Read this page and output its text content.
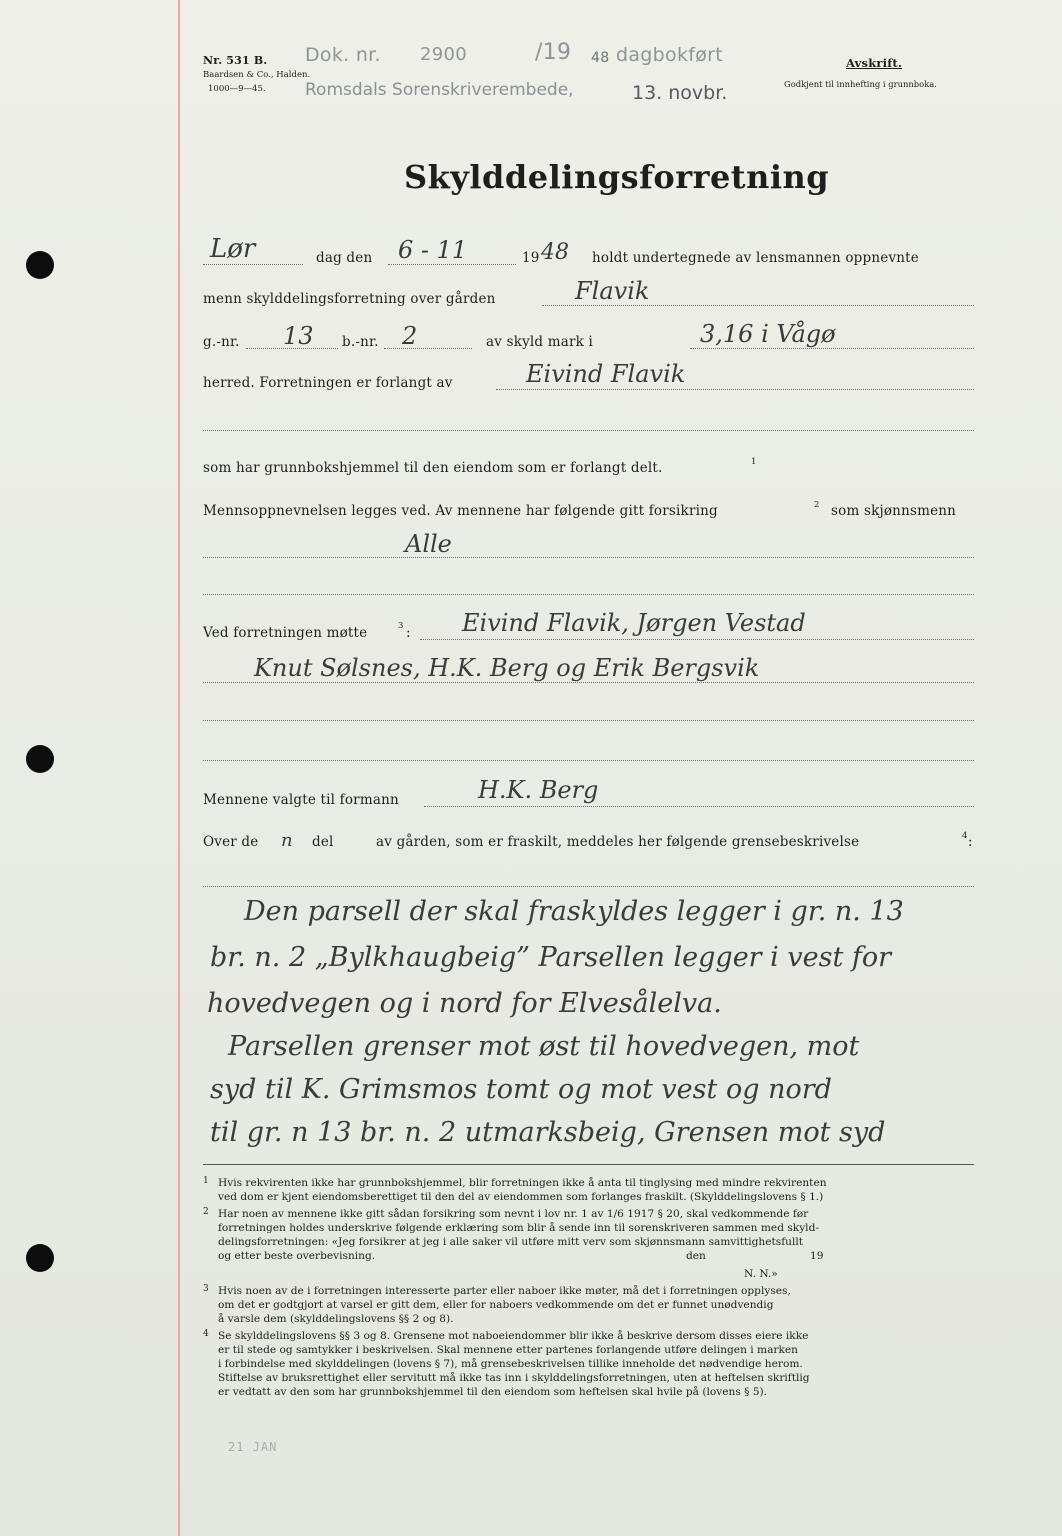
Nr. 531 B.
Baardsen & Co., Halden.
1000—9—45.
Dok. nr. 2900	/19 48 dagbokført
Romsdals Sorenskriverembede,	13. novbr.
Avskrift.
Godkjent til innhefting i grunnboka.
Skylddelingsforretning
Lør	dag den 6 - 11	19 48 holdt undertegnede av lensmannen oppnevnte
menn skylddelingsforretning over gården	Flavik
g.-nr. 13 b.-nr. 2	av skyld mark i	3,16 i Vågø
herred. Forretningen er forlangt av	Eivind Flavik
som har grunnbokshjemmel til den eiendom som er forlangt delt.	1
Mennsoppnevnelsen legges ved. Av mennene har følgende gitt forsikring	2 som skjønnsmenn
Alle
Ved forretningen møtte	3 : Eivind Flavik, Jørgen Vestad
Knut Sølsnes, H.K. Berg og Erik Bergsvik
Mennene valgte til formann	H.K. Berg
Over de n del	av gården, som er fraskilt, meddeles her følgende grensebeskrivelse	4 :
Den parsell der skal fraskyldes legger i gr. n. 13
br. n. 2 „Bylkhaugbeig” Parsellen legger i vest for
hovedvegen og i nord for Elvesålelva.
Parsellen grenser mot øst til hovedvegen, mot
syd til K. Grimsmos tomt og mot vest og nord
til gr. n 13 br. n. 2 utmarksbeig, Grensen mot syd
1 Hvis rekvirenten ikke har grunnbokshjemmel, blir forretningen ikke å anta til tinglysing med mindre rekvirenten
ved dom er kjent eiendomsberettiget til den del av eiendommen som forlanges fraskilt. (Skylddelingslovens § 1.)
2 Har noen av mennene ikke gitt sådan forsikring som nevnt i lov nr. 1 av 1/6 1917 § 20, skal vedkommende før
forretningen holdes underskrive følgende erklæring som blir å sende inn til sorenskriveren sammen med skyld-
delingsforretningen: «Jeg forsikrer at jeg i alle saker vil utføre mitt verv som skjønnsmann samvittighetsfullt
og etter beste overbevisning.	den	19
N. N.»
3 Hvis noen av de i forretningen interesserte parter eller naboer ikke møter, må det i forretningen opplyses,
om det er godtgjort at varsel er gitt dem, eller for naboers vedkommende om det er funnet unødvendig
å varsle dem (skylddelingslovens §§ 2 og 8).
4 Se skylddelingslovens §§ 3 og 8. Grensene mot naboeiendommer blir ikke å beskrive dersom disses eiere ikke
er til stede og samtykker i beskrivelsen. Skal mennene etter partenes forlangende utføre delingen i marken
i forbindelse med skylddelingen (lovens § 7), må grensebeskrivelsen tillike inneholde det nødvendige herom.
Stiftelse av bruksrettighet eller servitutt må ikke tas inn i skylddelingsforretningen, uten at heftelsen skriftlig
er vedtatt av den som har grunnbokshjemmel til den eiendom som heftelsen skal hvile på (lovens § 5).
21 JAN
